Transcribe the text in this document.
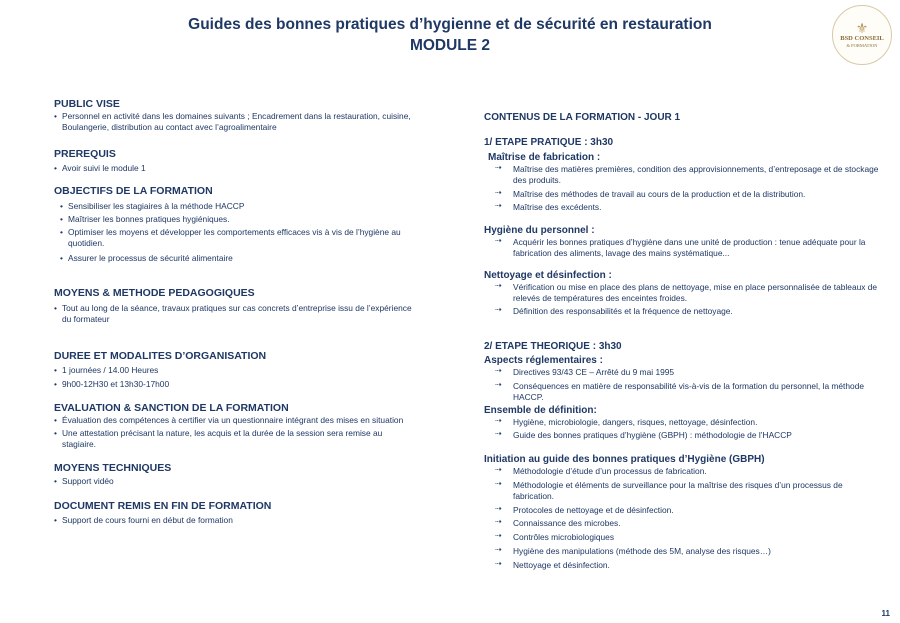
Guides des bonnes pratiques d’hygienne et de sécurité en restauration
MODULE 2
⚜
BSD CONSEIL
& FORMATION
PUBLIC VISE
• Personnel en activité dans les domaines suivants ; Encadrement dans la restauration, cuisine, Boulangerie, distribution au contact avec l’agroalimentaire
PREREQUIS
• Avoir suivi le module 1
OBJECTIFS DE LA FORMATION
• Sensibiliser les stagiaires à la méthode HACCP
• Maîtriser les bonnes pratiques hygiéniques.
• Optimiser les moyens et développer les comportements efficaces vis à vis de l’hygiène au quotidien.
• Assurer le processus de sécurité alimentaire
MOYENS & METHODE PEDAGOGIQUES
• Tout au long de la séance, travaux pratiques sur cas concrets d’entreprise issu de l’expérience du formateur
DUREE ET MODALITES D’ORGANISATION
• 1 journées / 14.00 Heures
• 9h00-12H30 et 13h30-17h00
EVALUATION & SANCTION DE LA FORMATION
• Évaluation des compétences à certifier via un questionnaire intégrant des mises en situation
• Une attestation précisant la nature, les acquis et la durée de la session sera remise au stagiaire.
MOYENS TECHNIQUES
• Support vidéo
DOCUMENT REMIS EN FIN DE FORMATION
• Support de cours fourni en début de formation
CONTENUS DE LA FORMATION - JOUR 1
1/ ETAPE PRATIQUE : 3h30
Maîtrise de fabrication :
⇢ Maîtrise des matières premières, condition des approvisionnements, d’entreposage et de stockage des produits.
⇢ Maîtrise des méthodes de travail au cours de la production et de la distribution.
⇢ Maîtrise des excédents.
Hygiène du personnel :
⇢ Acquérir les bonnes pratiques d’hygiène dans une unité de production : tenue adéquate pour la fabrication des aliments, lavage des mains systématique...
Nettoyage et désinfection :
⇢ Vérification ou mise en place des plans de nettoyage, mise en place personnalisée de tableaux de relevés de températures des enceintes froides.
⇢ Définition des responsabilités et la fréquence de nettoyage.
2/ ETAPE THEORIQUE : 3h30
Aspects réglementaires :
⇢ Directives 93/43 CE – Arrêté du 9 mai 1995
⇢ Conséquences en matière de responsabilité vis-à-vis de la formation du personnel, la méthode HACCP.
Ensemble de définition:
⇢ Hygiène, microbiologie, dangers, risques, nettoyage, désinfection.
⇢ Guide des bonnes pratiques d’hygiène (GBPH) : méthodologie de l’HACCP
Initiation au guide des bonnes pratiques d’Hygiène (GBPH)
⇢ Méthodologie d’étude d’un processus de fabrication.
⇢ Méthodologie et éléments de surveillance pour la maîtrise des risques d’un processus de fabrication.
⇢ Protocoles de nettoyage et de désinfection.
⇢ Connaissance des microbes.
⇢ Contrôles microbiologiques
⇢ Hygiène des manipulations (méthode des 5M, analyse des risques…)
⇢ Nettoyage et désinfection.
11
